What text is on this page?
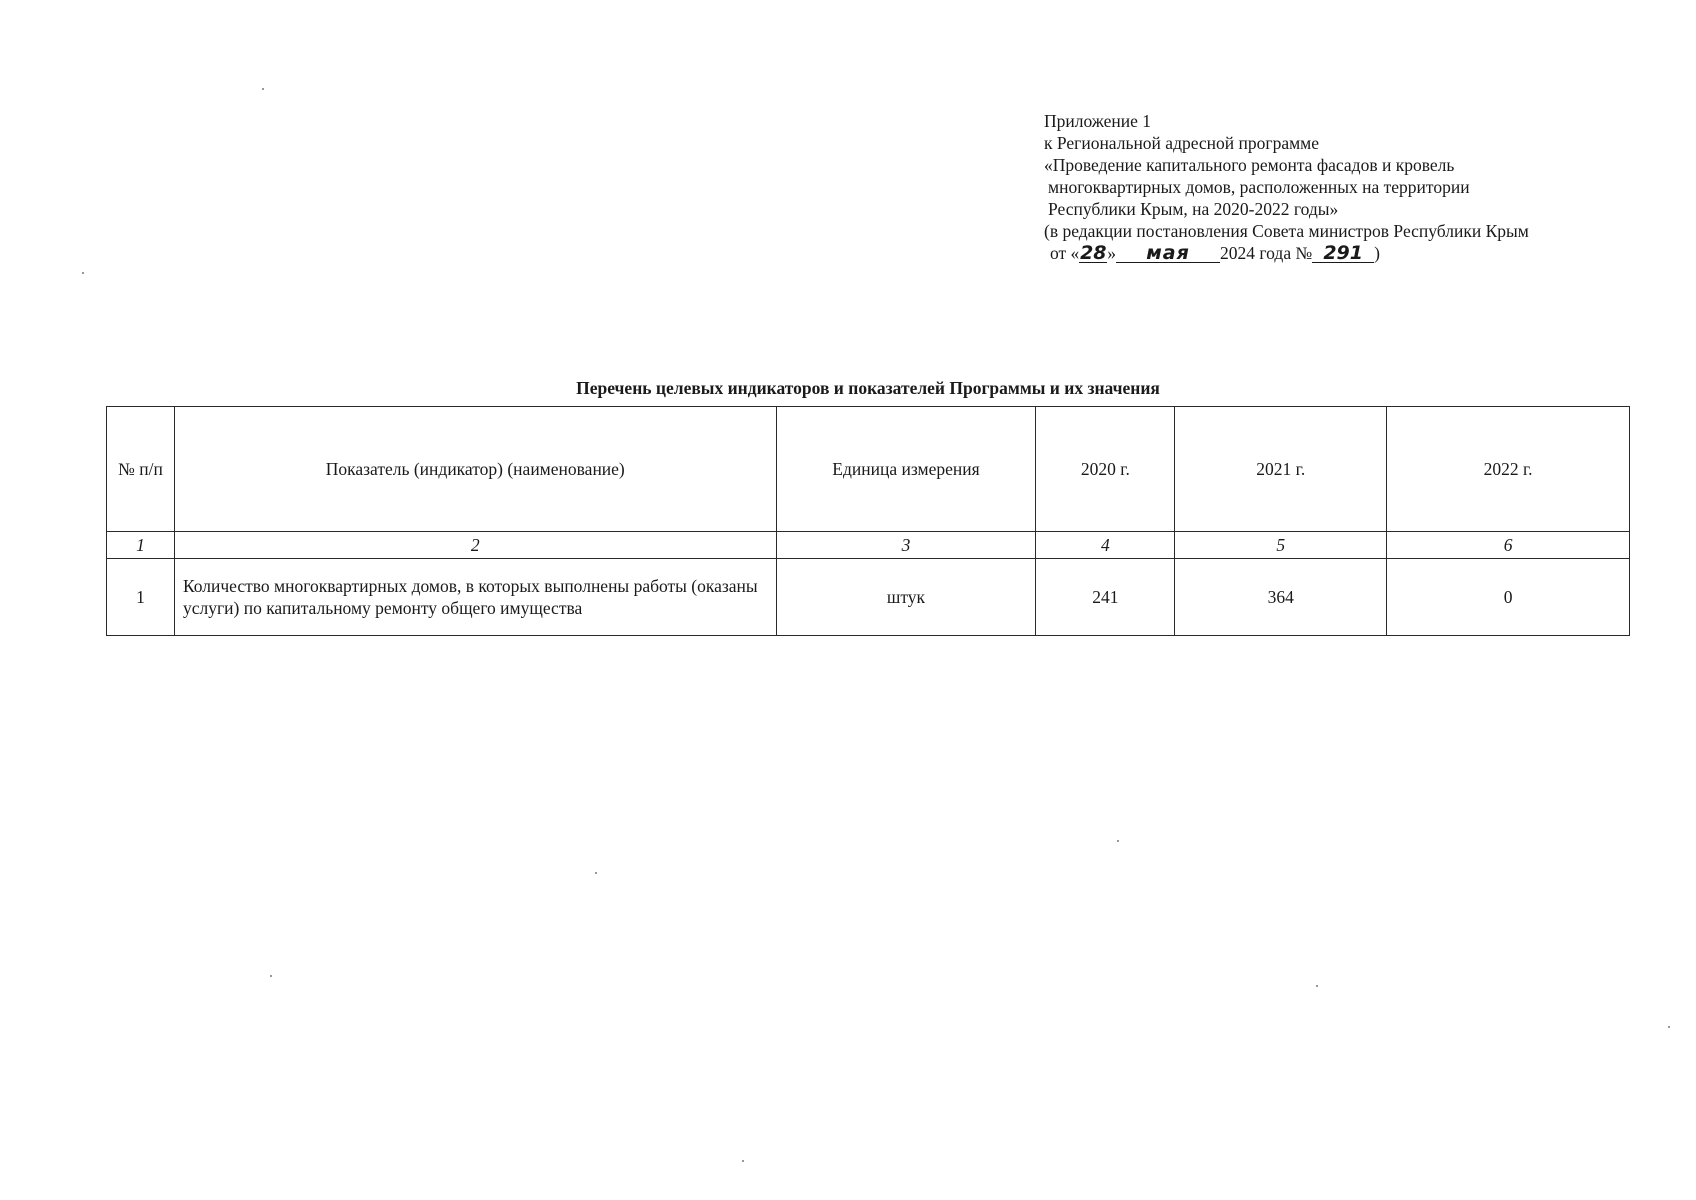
Приложение 1
к Региональной адресной программе
«Проведение капитального ремонта фасадов и кровель
многоквартирных домов, расположенных на территории
Республики Крым, на 2020-2022 годы»
(в редакции постановления Совета министров Республики Крым
от «28» мая 2024 года № 291 )
Перечень целевых индикаторов и показателей Программы и их значения
№ п/п	Показатель (индикатор) (наименование)	Единица измерения	2020 г.	2021 г.	2022 г.
1	2	3	4	5	6
1	Количество многоквартирных домов, в которых выполнены работы (оказаны услуги) по капитальному ремонту общего имущества	штук	241	364	0
